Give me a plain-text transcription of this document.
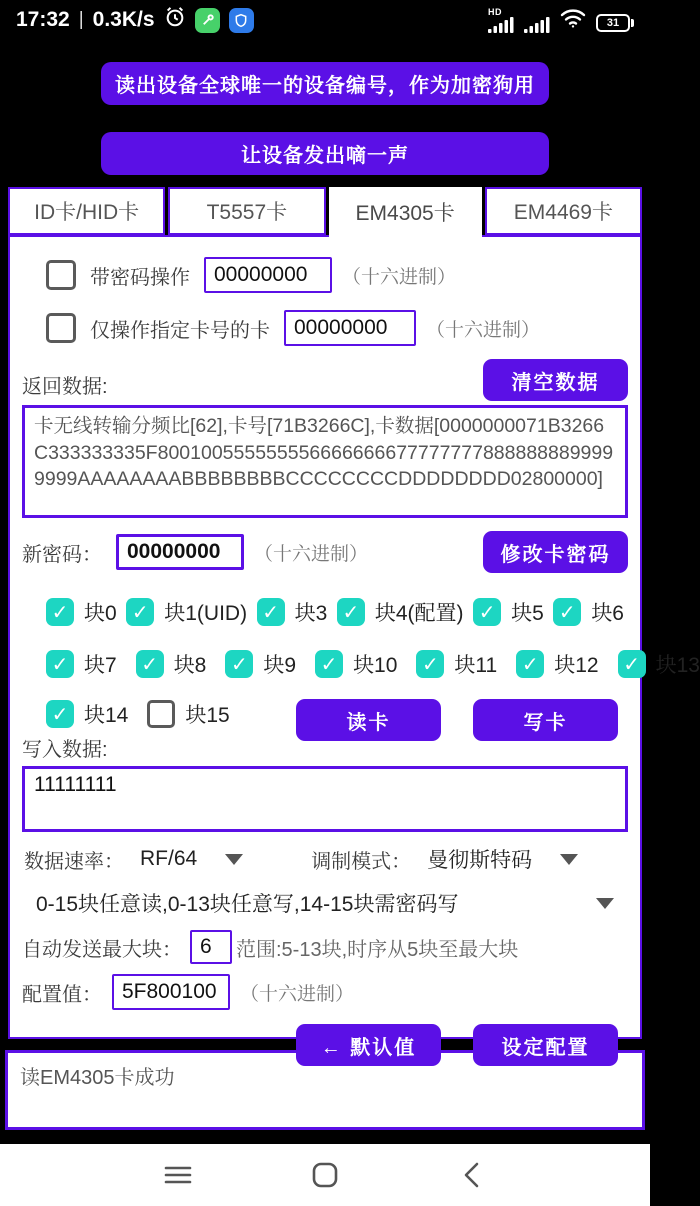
17:32 | 0.3K/s	HD
31
读出设备全球唯一的设备编号，作为加密狗用
让设备发出嘀一声
ID卡/HID卡	T5557卡	EM4305卡	EM4469卡
带密码操作
00000000	（十六进制）
仅操作指定卡号的卡
00000000	（十六进制）
返回数据:	清空数据
卡无线转输分频比[62],卡号[71B3266C],卡数据[0000000071B3266C333333335F8001005555555566666666777777778888888899999999AAAAAAAABBBBBBBBCCCCCCCCDDDDDDDD02800000]
新密码：
00000000	（十六进制）	修改卡密码
✓ 块0 ✓ 块1(UID) ✓ 块3 ✓ 块4(配置) ✓ 块5 ✓ 块6
✓ 块7 ✓ 块8 ✓ 块9 ✓ 块10 ✓ 块11 ✓ 块12 ✓ 块13
✓ 块14	块15	读卡	写卡
写入数据:
11111111
数据速率： RF/64	调制模式： 曼彻斯特码
0-15块任意读,0-13块任意写,14-15块需密码写
自动发送最大块：
6	范围:5-13块,时序从5块至最大块
配置值：
5F800100	（十六进制）
← 默认值	设定配置
读EM4305卡成功
